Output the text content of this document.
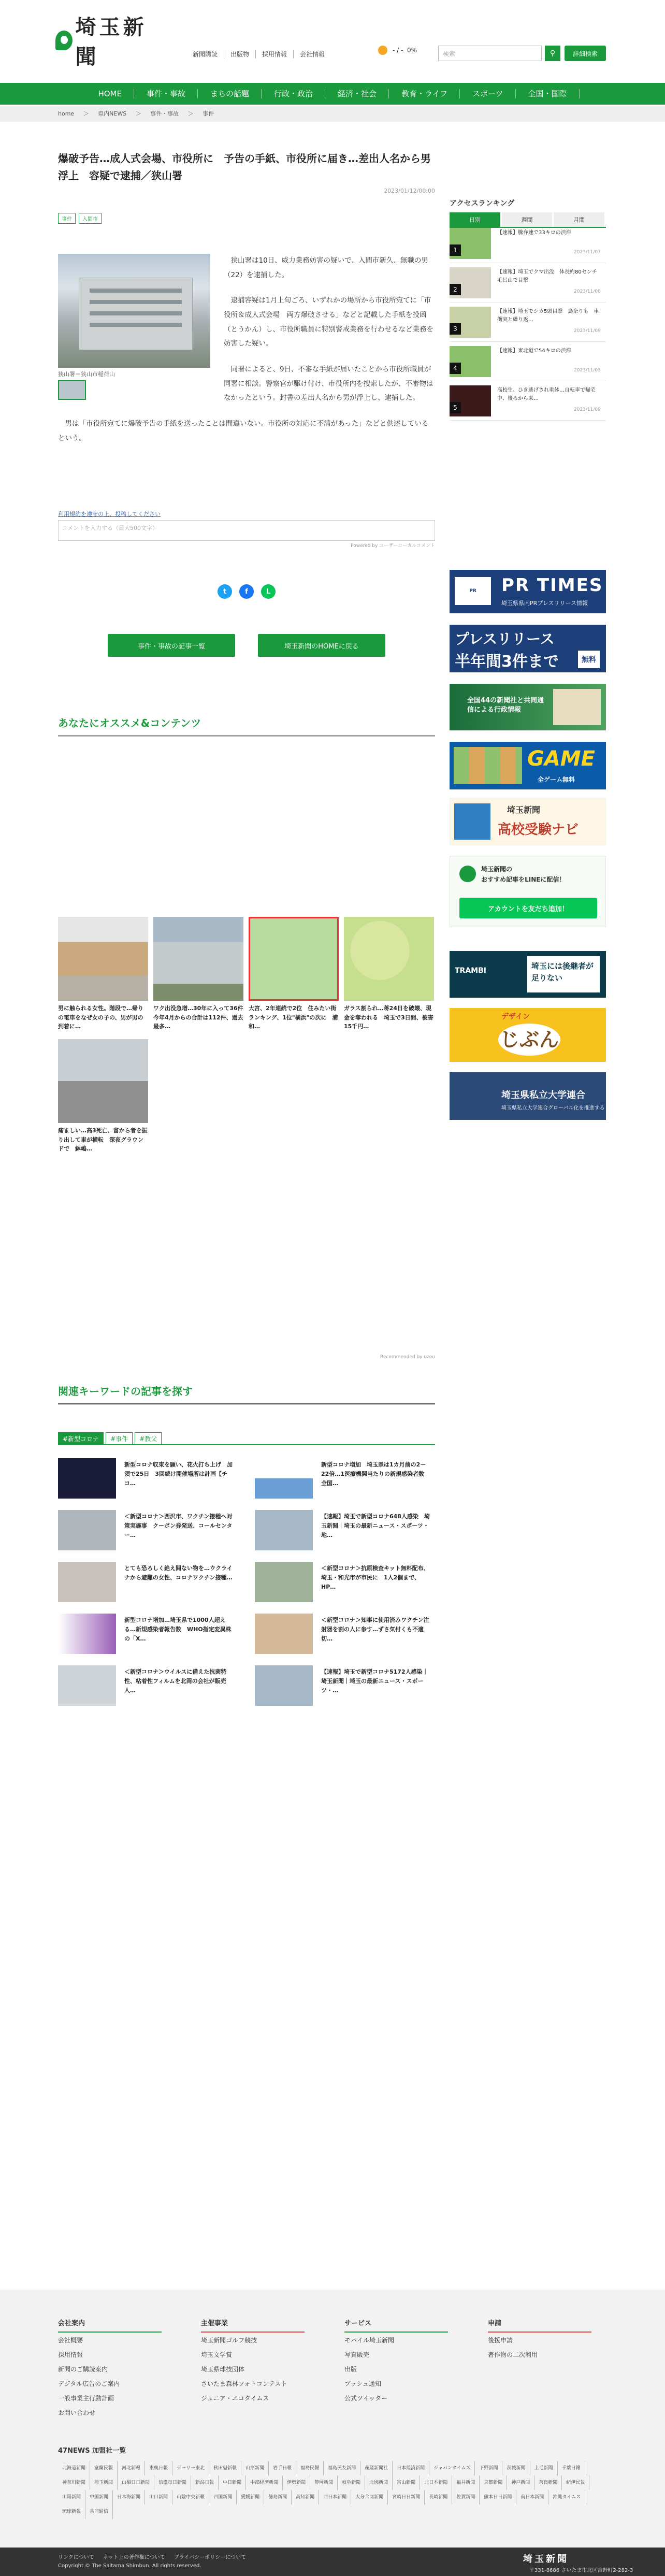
埼玉新聞	新聞購読	出版物	採用情報	会社情報
- / -
0%	検索	⚲	詳細検索
HOME	事件・事故	まちの話題	行政・政治	経済・社会	教育・ライフ	スポーツ	全国・国際
home ＞ 県内NEWS ＞ 事件・事故 ＞ 事件
爆破予告…成人式会場、市役所に　予告の手紙、市役所に届き…差出人名から男浮上　容疑で逮捕／狭山署
2023/01/12/00:00
事件	入間市

　狭山署は10日、威力業務妨害の疑いで、入間市新久、無職の男（22）を逮捕した。

　逮捕容疑は1月上旬ごろ、いずれかの場所から市役所宛てに「市役所＆成人式会場　両方爆破させる」などと記載した手紙を投函（とうかん）し、市役所職員に特別警戒業務を行わせるなど業務を妨害した疑い。

　同署によると、9日、不審な手紙が届いたことから市役所職員が同署に相談。警察官が駆け付け、市役所内を捜索したが、不審物はなかったという。封書の差出人名から男が浮上し、逮捕した。

　男は「市役所宛てに爆破予告の手紙を送ったことは間違いない。市役所の対応に不満があった」などと供述しているという。

狭山署＝狭山市稲荷山
利用規約を遵守の上、投稿してください
コメントを入力する（最大500文字）
Powered by ユーザーローカルコメント
t	f	L
事件・事故の記事一覧	埼玉新聞のHOMEに戻る
あなたにオススメ&コンテンツ
男に触られる女性。階段で…帰りの電車をなぜ女の子の、男が男の到着に…
ワク出没急増…30年に入って36件　今年4月からの合計は112件、過去最多…
大宮、2年連続で2位　住みたい街ランキング、1位"横浜"の次に　浦和…
ガラス割られ…蒋24日を破壊、現金を奪われる　埼玉で3日間、被害15千円…
痛ましい…高3死亡、富から者を振り出して車が横転　深夜グラウンドで　鉢嶋…
Recommended by uzou
関連キーワードの記事を探す
#新型コロナ	#事件	#教父
新型コロナ収束を願い、花火打ち上げ　加須で25日　3回続け開催場所は計画【チコ…
新型コロナ増加　埼玉県は1カ月前の2－22倍…1医療機関当たりの新規感染者数　全国…
＜新型コロナ＞西沢市、ワクチン接種へ対策実施事　クーポン券発送、コールセンター…
【速報】埼玉で新型コロナ648人感染　埼玉新聞｜埼玉の最新ニュース・スポーツ・地…
とても恐ろしく絶え間ない物を…ウクライナから避難の女性、コロナワクチン接種…
＜新型コロナ＞抗原検査キット無料配布、埼玉・和光市が市民に　1人2個まで、HP…
新型コロナ増加…埼玉県で1000人超える…新規感染者報告数　WHO指定変異株の「X…
＜新型コロナ＞知事に使用済みワクチン注射器を割の人に参す…ずさ気付くも不適切…
＜新型コロナ＞ウイルスに備えた抗菌特性、粘着性フィルムを北岡の会社が販売　人…
【速報】埼玉で新型コロナ5172人感染｜埼玉新聞｜埼玉の最新ニュース・スポーツ・…
アクセスランキング
日別	週間	月間
1
【速報】騰弁速で33キロの渋滞
2023/11/07
2
【速報】埼玉でクマ出没　体長約80センチ　毛呂山で目撃
2023/11/08
3
【速報】埼玉でシカ5頭目撃　鳥奈りも　車衝突と繰り返…
2023/11/09
4
【速報】東北道で54キロの渋滞
2023/11/03
5
高校生、ひき逃げされ重体…自転車で帰宅中、後ろから来…
2023/11/09
PR	PR TIMES
埼玉県県内PRプレスリリース情報
プレスリリース
半年間3件まで	無料
全国44の新聞社と共同通信による行政情報
GAME
全ゲーム無料
埼玉新聞
高校受験ナビ
埼玉新聞の
おすすめ記事をLINEに配信！
アカウントを友だち追加！
TRAMBI	埼玉には後継者が足りない
デザイン
じぶん
埼玉県私立大学連合
埼玉県私立大学連合グローバル化を推進する
会社案内
会社概要
採用情報
新聞のご購読案内
デジタル広告のご案内
一般事業主行動計画
お問い合わせ
主催事業
埼玉新聞ゴルフ競技
埼玉文学賞
埼玉県球技団体
さいたま森林フォトコンテスト
ジュニア・エコタイムス
サービス
モバイル埼玉新聞
写真販売
出版
プッシュ通知
公式ツイッター
申請
後援申請
著作物の二次利用
47NEWS 加盟社一覧
北海道新聞 室蘭民報 河北新報 東奥日報 デーリー東北 秋田魁新報 山形新聞 岩手日報 福島民報 福島民友新聞 産経新聞社 日本経済新聞 ジャパンタイムズ 下野新聞 茨城新聞 上毛新聞 千葉日報神奈川新聞 埼玉新聞 山梨日日新聞 信濃毎日新聞 新潟日報 中日新聞 中部経済新聞 伊勢新聞 静岡新聞 岐阜新聞 北國新聞 富山新聞 北日本新聞 福井新聞 京都新聞 神戸新聞 奈良新聞 紀伊民報山陽新聞 中国新聞 日本海新聞 山口新聞 山陰中央新報 四国新聞 愛媛新聞 徳島新聞 高知新聞 西日本新聞 大分合同新聞 宮崎日日新聞 長崎新聞 佐賀新聞 熊本日日新聞 南日本新聞 沖縄タイムス琉球新報 共同通信
リンクについて ネット上の著作権について プライバシーポリシーについて
Copyright © The Saitama Shimbun. All rights reserved.
埼玉新聞
〒331-8686 さいたま市北区吉野町2-282-3
